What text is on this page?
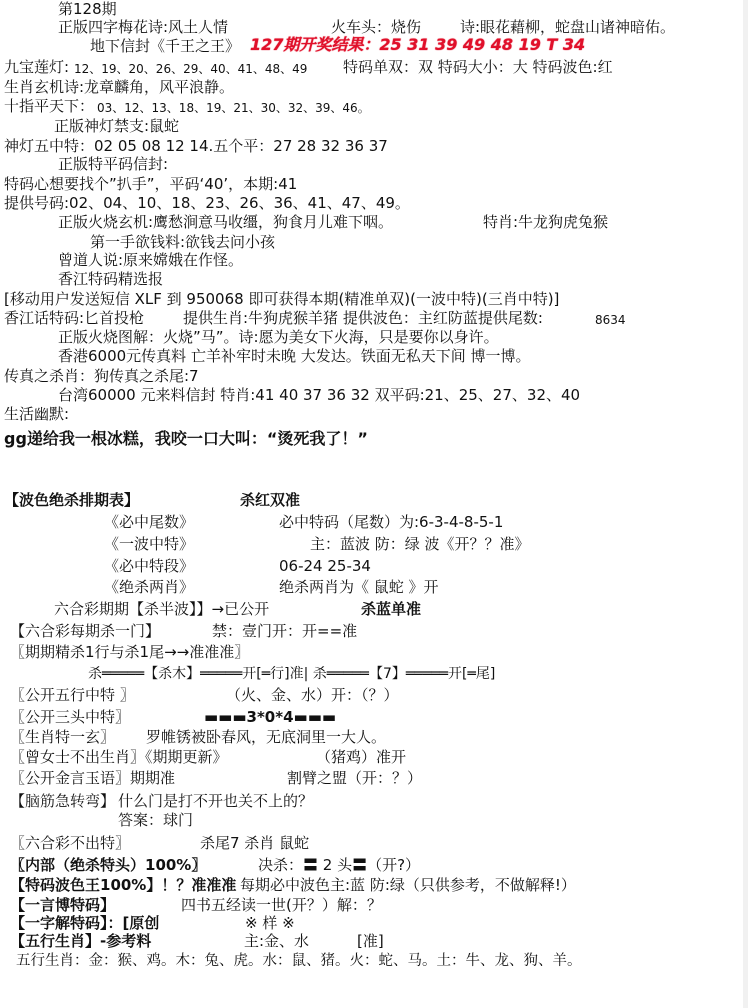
第128期
正版四字梅花诗:风土人情	火车头：烧伤	诗:眼花藉柳，蛇盘山诸神暗佑。
地下信封《千王之王》 127期开奖结果：25 31 39 49 48 19 T 34
九宝莲灯: 12、19、20、26、29、40、41、48、49 特码单双：双 特码大小：大 特码波色:红
生肖玄机诗:龙章麟角，风平浪静。
十指平天下： 03、12、13、18、19、21、30、32、39、46。
正版神灯禁支:鼠蛇
神灯五中特：02 05 08 12 14.五个平：27 28 32 36 37
正版特平码信封:
特码心想要找个”扒手”，平码‘40’，本期:41
提供号码:02、04、10、18、23、26、36、41、47、49。
正版火烧玄机:鹰愁涧意马收缰，狗食月儿难下咽。	特肖:牛龙狗虎兔猴
第一手欲钱料:欲钱去问小孩
曾道人说:原来嫦娥在作怪。
香江特码精选报
[移动用户发送短信 XLF 到 950068 即可获得本期(精准单双)(一波中特)(三肖中特)]
香江话特码:匕首投枪	提供生肖:牛狗虎猴羊猪 提供波色：主红防蓝提供尾数:	8634
正版火烧图解：火烧”马”。诗:愿为美女下火海，只是要你以身许。
香港6000元传真料 亡羊补牢时未晚 大发达。铁面无私天下间 博一博。
传真之杀肖：狗传真之杀尾:7
台湾60000 元来料信封 特肖:41 40 37 36 32 双平码:21、25、27、32、40
生活幽默:
gg递给我一根冰糕，我咬一口大叫：“烫死我了！”
【波色绝杀排期表】	杀红双准
《必中尾数》	必中特码（尾数）为:6-3-4-8-5-1
《一波中特》	主：蓝波 防：绿 波《开？？准》
《必中特段》	06-24 25-34
《绝杀两肖》	绝杀两肖为《 鼠蛇 》开
六合彩期期【杀半波】】→已公开	杀蓝单准
【六合彩每期杀一门】	禁：壹门开：开==准
〖期期精杀1行与杀1尾→→准准准〗
杀═════【杀木】═════开[═行]准| 杀═════【7】═════开[═尾]
〖公开五行中特 〗	（火、金、水）开：（？）
〖公开三头中特〗	▬▬▬3*0*4▬▬▬
〖生肖特一玄〗 罗帷锈被卧春风，无底洞里一大人。
〖曾女士不出生肖〗《期期更新》	（猪鸡）准开
〖公开金言玉语〗期期准	割臂之盟（开：？）
【脑筋急转弯】 什么门是打不开也关不上的？
答案：球门
〖六合彩不出特〗	杀尾7 杀肖 鼠蛇
〖内部（绝杀特头）100%〗	决杀：〓 2 头〓（开?）
【特码波色王100%】！？准准准 每期必中波色主:蓝 防:绿（只供参考，不做解释!）
【一言博特码】	四书五经读一世(开？）解：？
【一字解特码】：[原创	※ 样 ※
【五行生肖】-参考料	主:金、水	[准]
五行生肖：金：猴、鸡。木：兔、虎。水：鼠、猪。火：蛇、马。土：牛、龙、狗、羊。
